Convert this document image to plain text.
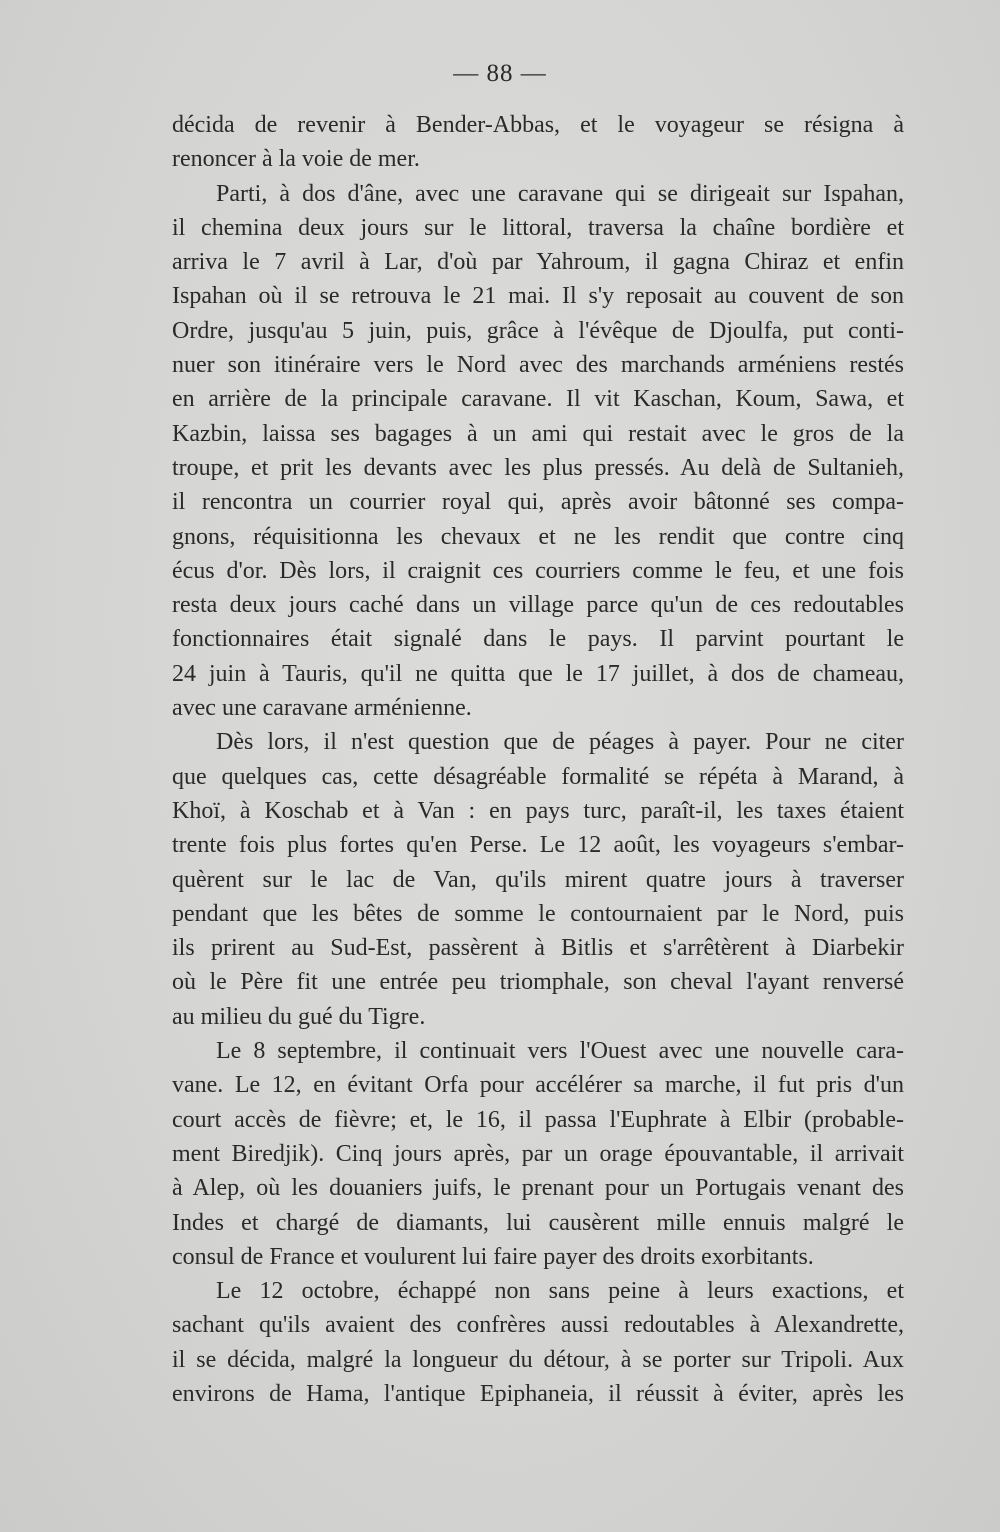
— 88 —
décida de revenir à Bender-Abbas, et le voyageur se résigna à
renoncer à la voie de mer.
Parti, à dos d'âne, avec une caravane qui se dirigeait sur Ispahan,
il chemina deux jours sur le littoral, traversa la chaîne bordière et
arriva le 7 avril à Lar, d'où par Yahroum, il gagna Chiraz et enfin
Ispahan où il se retrouva le 21 mai. Il s'y reposait au couvent de son
Ordre, jusqu'au 5 juin, puis, grâce à l'évêque de Djoulfa, put conti-
nuer son itinéraire vers le Nord avec des marchands arméniens restés
en arrière de la principale caravane. Il vit Kaschan, Koum, Sawa, et
Kazbin, laissa ses bagages à un ami qui restait avec le gros de la
troupe, et prit les devants avec les plus pressés. Au delà de Sultanieh,
il rencontra un courrier royal qui, après avoir bâtonné ses compa-
gnons, réquisitionna les chevaux et ne les rendit que contre cinq
écus d'or. Dès lors, il craignit ces courriers comme le feu, et une fois
resta deux jours caché dans un village parce qu'un de ces redoutables
fonctionnaires était signalé dans le pays. Il parvint pourtant le
24 juin à Tauris, qu'il ne quitta que le 17 juillet, à dos de chameau,
avec une caravane arménienne.
Dès lors, il n'est question que de péages à payer. Pour ne citer
que quelques cas, cette désagréable formalité se répéta à Marand, à
Khoï, à Koschab et à Van : en pays turc, paraît-il, les taxes étaient
trente fois plus fortes qu'en Perse. Le 12 août, les voyageurs s'embar-
quèrent sur le lac de Van, qu'ils mirent quatre jours à traverser
pendant que les bêtes de somme le contournaient par le Nord, puis
ils prirent au Sud-Est, passèrent à Bitlis et s'arrêtèrent à Diarbekir
où le Père fit une entrée peu triomphale, son cheval l'ayant renversé
au milieu du gué du Tigre.
Le 8 septembre, il continuait vers l'Ouest avec une nouvelle cara-
vane. Le 12, en évitant Orfa pour accélérer sa marche, il fut pris d'un
court accès de fièvre; et, le 16, il passa l'Euphrate à Elbir (probable-
ment Biredjik). Cinq jours après, par un orage épouvantable, il arrivait
à Alep, où les douaniers juifs, le prenant pour un Portugais venant des
Indes et chargé de diamants, lui causèrent mille ennuis malgré le
consul de France et voulurent lui faire payer des droits exorbitants.
Le 12 octobre, échappé non sans peine à leurs exactions, et
sachant qu'ils avaient des confrères aussi redoutables à Alexandrette,
il se décida, malgré la longueur du détour, à se porter sur Tripoli. Aux
environs de Hama, l'antique Epiphaneia, il réussit à éviter, après les
